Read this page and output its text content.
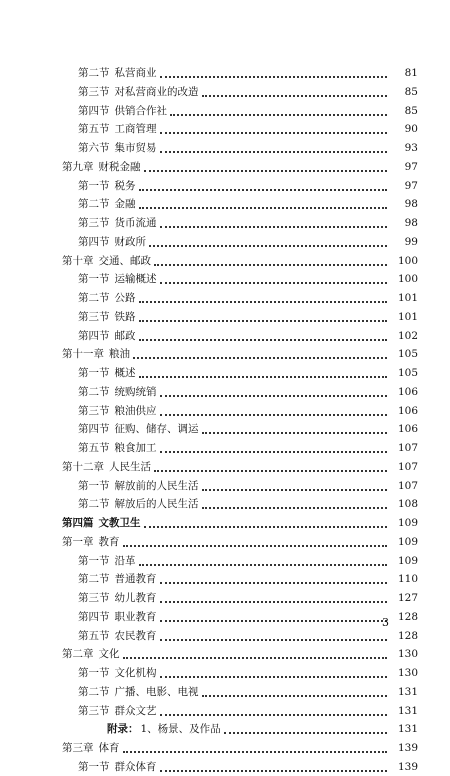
第二节 私营商业	81
第三节 对私营商业的改造	85
第四节 供销合作社	85
第五节 工商管理	90
第六节 集市贸易	93
第九章 财税金融	97
第一节 税务	97
第二节 金融	98
第三节 货币流通	98
第四节 财政所	99
第十章 交通、邮政	100
第一节 运输概述	100
第二节 公路	101
第三节 铁路	101
第四节 邮政	102
第十一章 粮油	105
第一节 概述	105
第二节 统购统销	106
第三节 粮油供应	106
第四节 征购、储存、调运	106
第五节 粮食加工	107
第十二章 人民生活	107
第一节 解放前的人民生活	107
第二节 解放后的人民生活	108
第四篇 文教卫生	109
第一章 教育	109
第一节 沿革	109
第二节 普通教育	110
第三节 幼儿教育	127
第四节 职业教育	128
第五节 农民教育	128
第二章 文化	130
第一节 文化机构	130
第二节 广播、电影、电视	131
第三节 群众文艺	131
附录： 1、杨景、及作品	131
第三章 体育	139
第一节 群众体育	139
3
